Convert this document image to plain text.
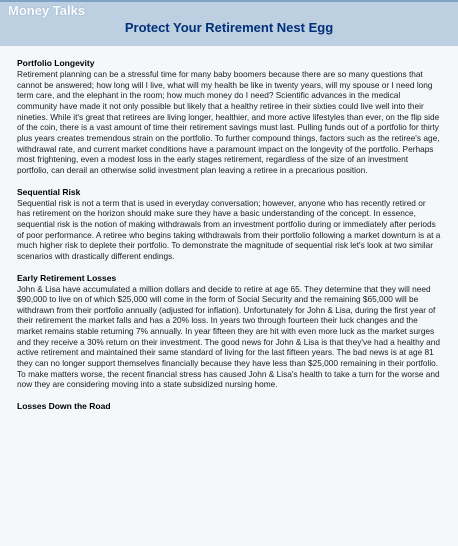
Money Talks
Protect Your Retirement Nest Egg

Portfolio Longevity

Retirement planning can be a stressful time for many baby boomers because there are so many questions that cannot be answered; how long will I live, what will my health be like in twenty years, will my spouse or I need long term care, and the elephant in the room; how much money do I need? Scientific advances in the medical community have made it not only possible but likely that a healthy retiree in their sixties could live well into their nineties. While it's great that retirees are living longer, healthier, and more active lifestyles than ever, on the flip side of the coin, there is a vast amount of time their retirement savings must last. Pulling funds out of a portfolio for thirty plus years creates tremendous strain on the portfolio. To further compound things, factors such as the retiree's age, withdrawal rate, and current market conditions have a paramount impact on the longevity of the portfolio. Perhaps most frightening, even a modest loss in the early stages retirement, regardless of the size of an investment portfolio, can derail an otherwise solid investment plan leaving a retiree in a precarious position.

Sequential Risk

Sequential risk is not a term that is used in everyday conversation; however, anyone who has recently retired or has retirement on the horizon should make sure they have a basic understanding of the concept. In essence, sequential risk is the notion of making withdrawals from an investment portfolio during or immediately after periods of poor performance. A retiree who begins taking withdrawals from their portfolio following a market downturn is at a much higher risk to deplete their portfolio. To demonstrate the magnitude of sequential risk let's look at two similar scenarios with drastically different endings.

Early Retirement Losses

John & Lisa have accumulated a million dollars and decide to retire at age 65. They determine that they will need $90,000 to live on of which $25,000 will come in the form of Social Security and the remaining $65,000 will be withdrawn from their portfolio annually (adjusted for inflation). Unfortunately for John & Lisa, during the first year of their retirement the market falls and has a 20% loss. In years two through fourteen their luck changes and the market remains stable returning 7% annually. In year fifteen they are hit with even more luck as the market surges and they receive a 30% return on their investment. The good news for John & Lisa is that they've had a healthy and active retirement and maintained their same standard of living for the last fifteen years. The bad news is at age 81 they can no longer support themselves financially because they have less than $25,000 remaining in their portfolio. To make matters worse, the recent financial stress has caused John & Lisa's health to take a turn for the worse and now they are considering moving into a state subsidized nursing home.

Losses Down the Road
